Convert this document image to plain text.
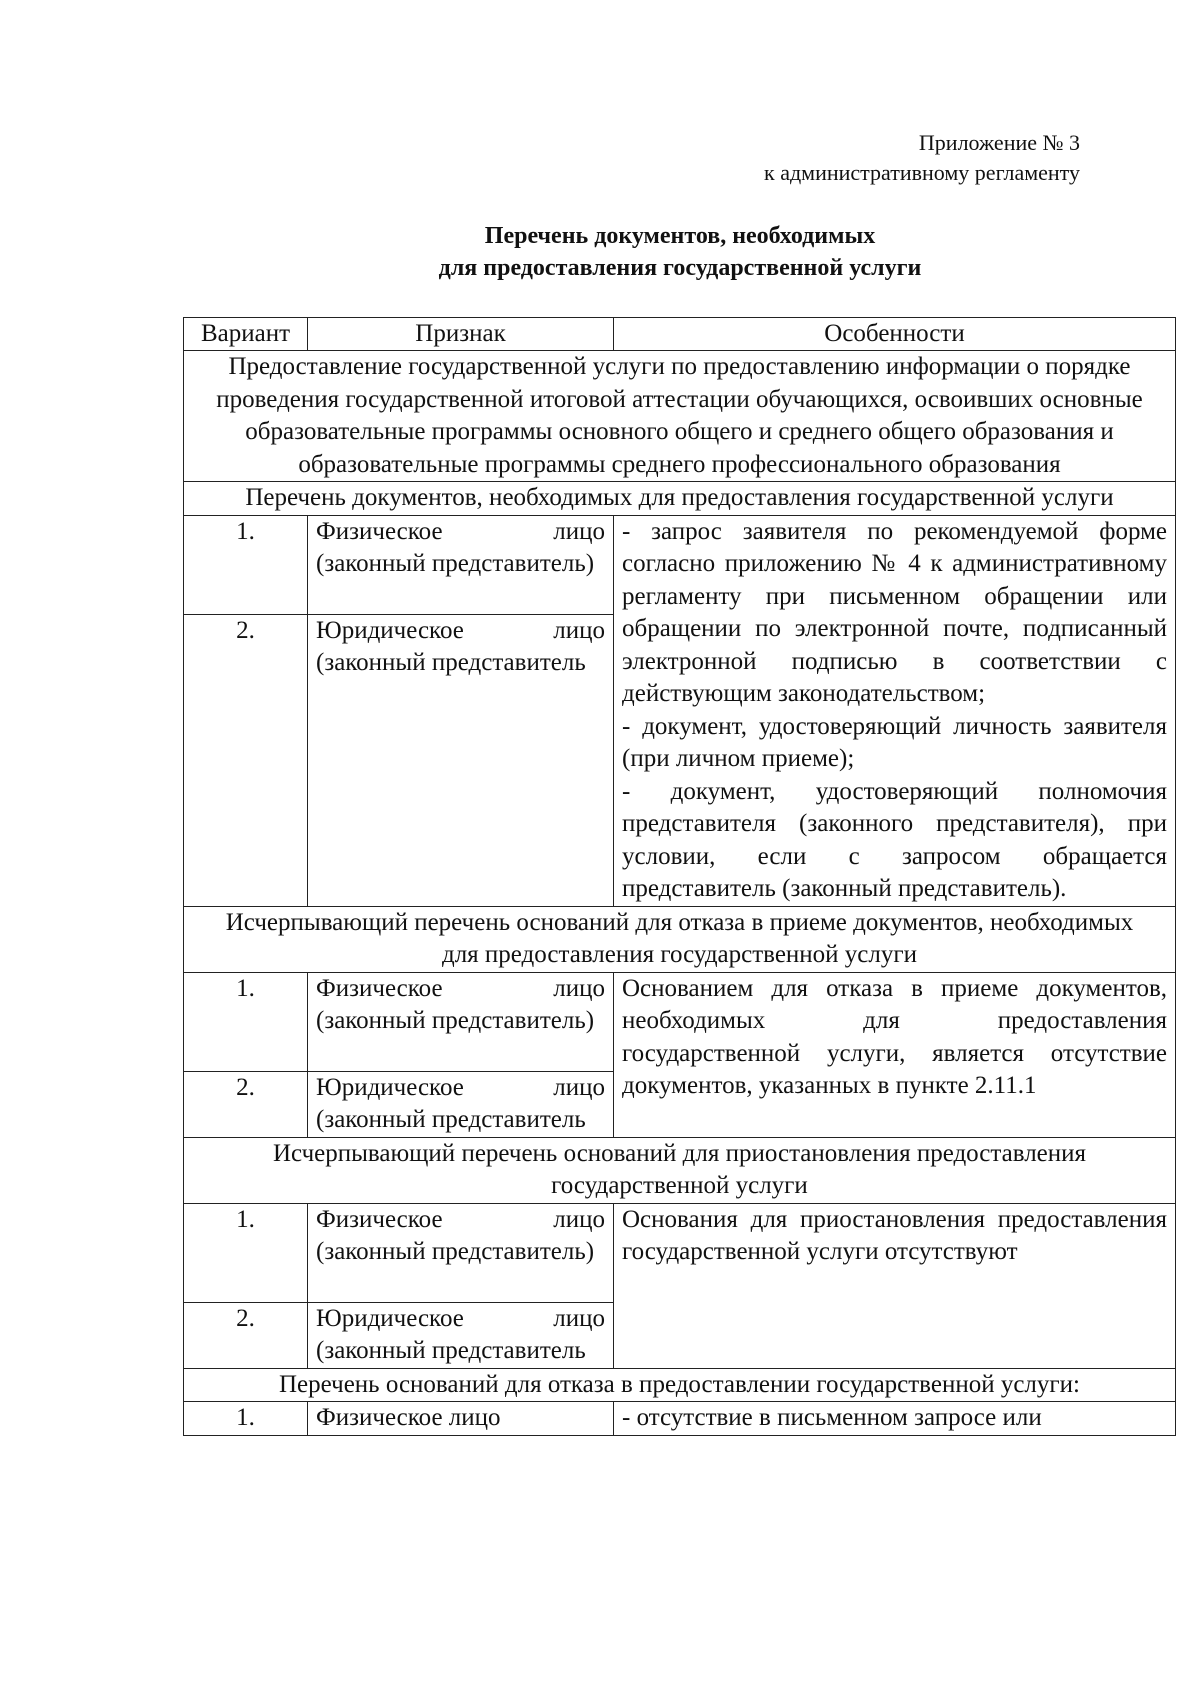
Приложение № 3
к административному регламенту
Перечень документов, необходимых
для предоставления государственной услуги
Вариант	Признак	Особенности
Предоставление государственной услуги по предоставлению информации о порядке проведения государственной итоговой аттестации обучающихся, освоивших основные образовательные программы основного общего и среднего общего образования и образовательные программы среднего профессионального образования		
Перечень документов, необходимых для предоставления государственной услуги		
1.	Физическое лицо (законный представитель)	- запрос заявителя по рекомендуемой форме согласно приложению № 4 к административному регламенту при письменном обращении или обращении по электронной почте, подписанный электронной подписью в соответствии с действующим законодательством;
- документ, удостоверяющий личность заявителя (при личном приеме);
- документ, удостоверяющий полномочия представителя (законного представителя), при условии, если с запросом обращается представитель (законный представитель).

2.	Юридическое лицо (законный представитель	
Исчерпывающий перечень оснований для отказа в приеме документов, необходимых для предоставления государственной услуги		
1.	Физическое лицо (законный представитель)	Основанием для отказа в приеме документов, необходимых для предоставления государственной услуги, является отсутствие документов, указанных в пункте 2.11.1

2.	Юридическое лицо (законный представитель	
Исчерпывающий перечень оснований для приостановления предоставления государственной услуги		
1.	Физическое лицо (законный представитель)	Основания для приостановления предоставления государственной услуги отсутствуют

2.	Юридическое лицо (законный представитель	
Перечень оснований для отказа в предоставлении государственной услуги:		
1.	Физическое лицо	- отсутствие в письменном запросе или
